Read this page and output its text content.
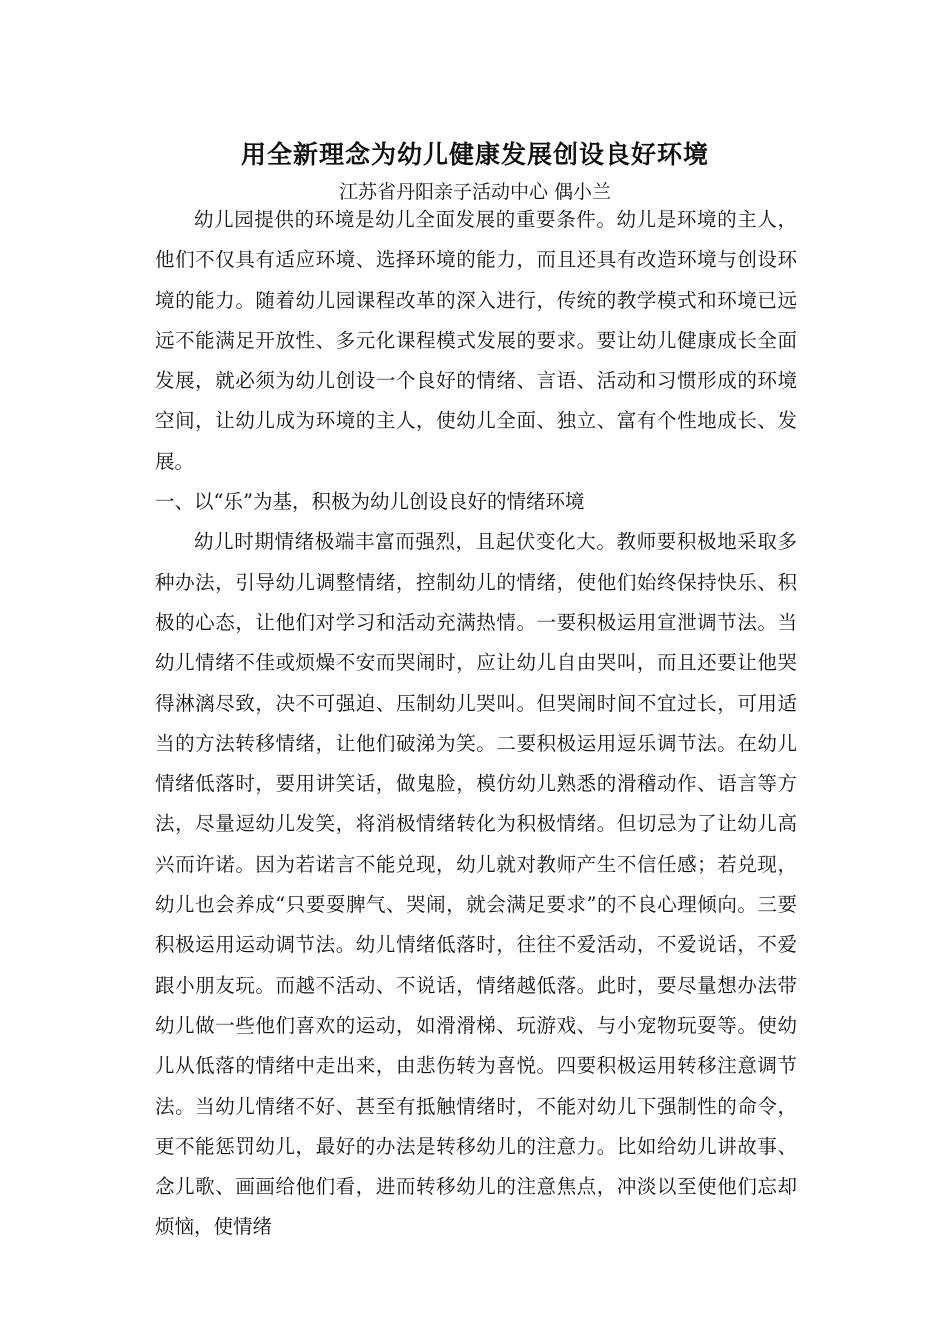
用全新理念为幼儿健康发展创设良好环境

江苏省丹阳亲子活动中心 偶小兰

幼儿园提供的环境是幼儿全面发展的重要条件。幼儿是环境的主人，他们不仅具有适应环境、选择环境的能力，而且还具有改造环境与创设环境的能力。随着幼儿园课程改革的深入进行，传统的教学模式和环境已远远不能满足开放性、多元化课程模式发展的要求。要让幼儿健康成长全面发展，就必须为幼儿创设一个良好的情绪、言语、活动和习惯形成的环境空间，让幼儿成为环境的主人，使幼儿全面、独立、富有个性地成长、发展。

一、以“乐”为基，积极为幼儿创设良好的情绪环境

幼儿时期情绪极端丰富而强烈，且起伏变化大。教师要积极地采取多种办法，引导幼儿调整情绪，控制幼儿的情绪，使他们始终保持快乐、积极的心态，让他们对学习和活动充满热情。一要积极运用宣泄调节法。当幼儿情绪不佳或烦燥不安而哭闹时，应让幼儿自由哭叫，而且还要让他哭得淋漓尽致，决不可强迫、压制幼儿哭叫。但哭闹时间不宜过长，可用适当的方法转移情绪，让他们破涕为笑。二要积极运用逗乐调节法。在幼儿情绪低落时，要用讲笑话，做鬼脸，模仿幼儿熟悉的滑稽动作、语言等方法，尽量逗幼儿发笑，将消极情绪转化为积极情绪。但切忌为了让幼儿高兴而许诺。因为若诺言不能兑现，幼儿就对教师产生不信任感；若兑现，幼儿也会养成“只要耍脾气、哭闹，就会满足要求”的不良心理倾向。三要积极运用运动调节法。幼儿情绪低落时，往往不爱活动，不爱说话，不爱跟小朋友玩。而越不活动、不说话，情绪越低落。此时，要尽量想办法带幼儿做一些他们喜欢的运动，如滑滑梯、玩游戏、与小宠物玩耍等。使幼儿从低落的情绪中走出来，由悲伤转为喜悦。四要积极运用转移注意调节法。当幼儿情绪不好、甚至有抵触情绪时，不能对幼儿下强制性的命令，更不能惩罚幼儿，最好的办法是转移幼儿的注意力。比如给幼儿讲故事、念儿歌、画画给他们看，进而转移幼儿的注意焦点，冲淡以至使他们忘却烦恼，使情绪
